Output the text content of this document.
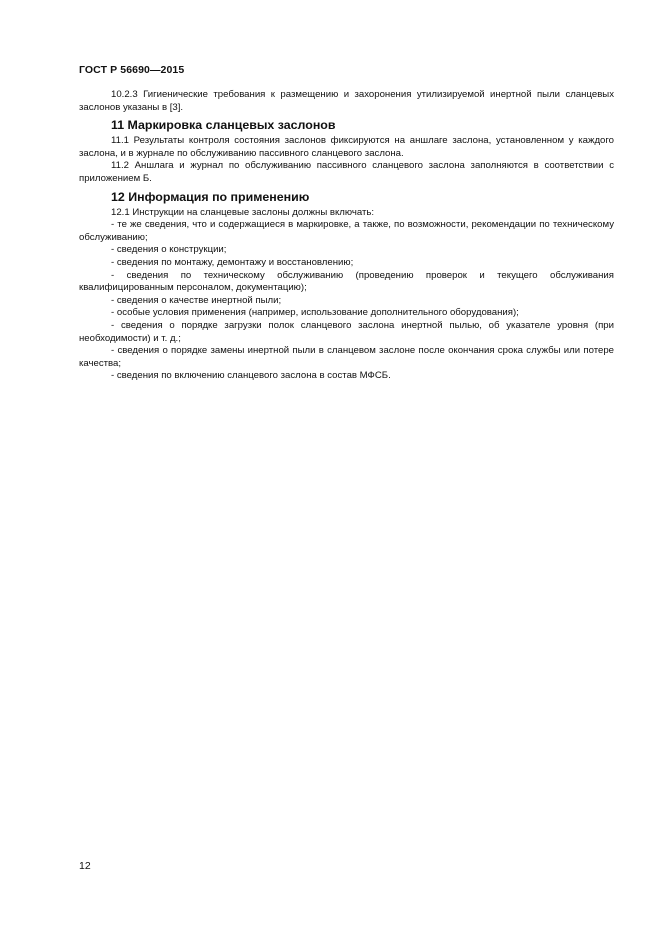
ГОСТ Р 56690—2015

10.2.3 Гигиенические требования к размещению и захоронения утилизируемой инертной пыли сланцевых заслонов указаны в [3].

11 Маркировка сланцевых заслонов

11.1 Результаты контроля состояния заслонов фиксируются на аншлаге заслона, установленном у каждого заслона, и в журнале по обслуживанию пассивного сланцевого заслона.

11.2 Аншлага и журнал по обслуживанию пассивного сланцевого заслона заполняются в соответствии с приложением Б.

12 Информация по применению

12.1 Инструкции на сланцевые заслоны должны включать:

- те же сведения, что и содержащиеся в маркировке, а также, по возможности, рекомендации по техническому обслуживанию;

- сведения о конструкции;

- сведения по монтажу, демонтажу и восстановлению;

- сведения по техническому обслуживанию (проведению проверок и текущего обслуживания квалифицированным персоналом, документацию);

- сведения о качестве инертной пыли;

- особые условия применения (например, использование дополнительного оборудования);

- сведения о порядке загрузки полок сланцевого заслона инертной пылью, об указателе уровня (при необходимости) и т. д.;

- сведения о порядке замены инертной пыли в сланцевом заслоне после окончания срока службы или потере качества;

- сведения по включению сланцевого заслона в состав МФСБ.

12
